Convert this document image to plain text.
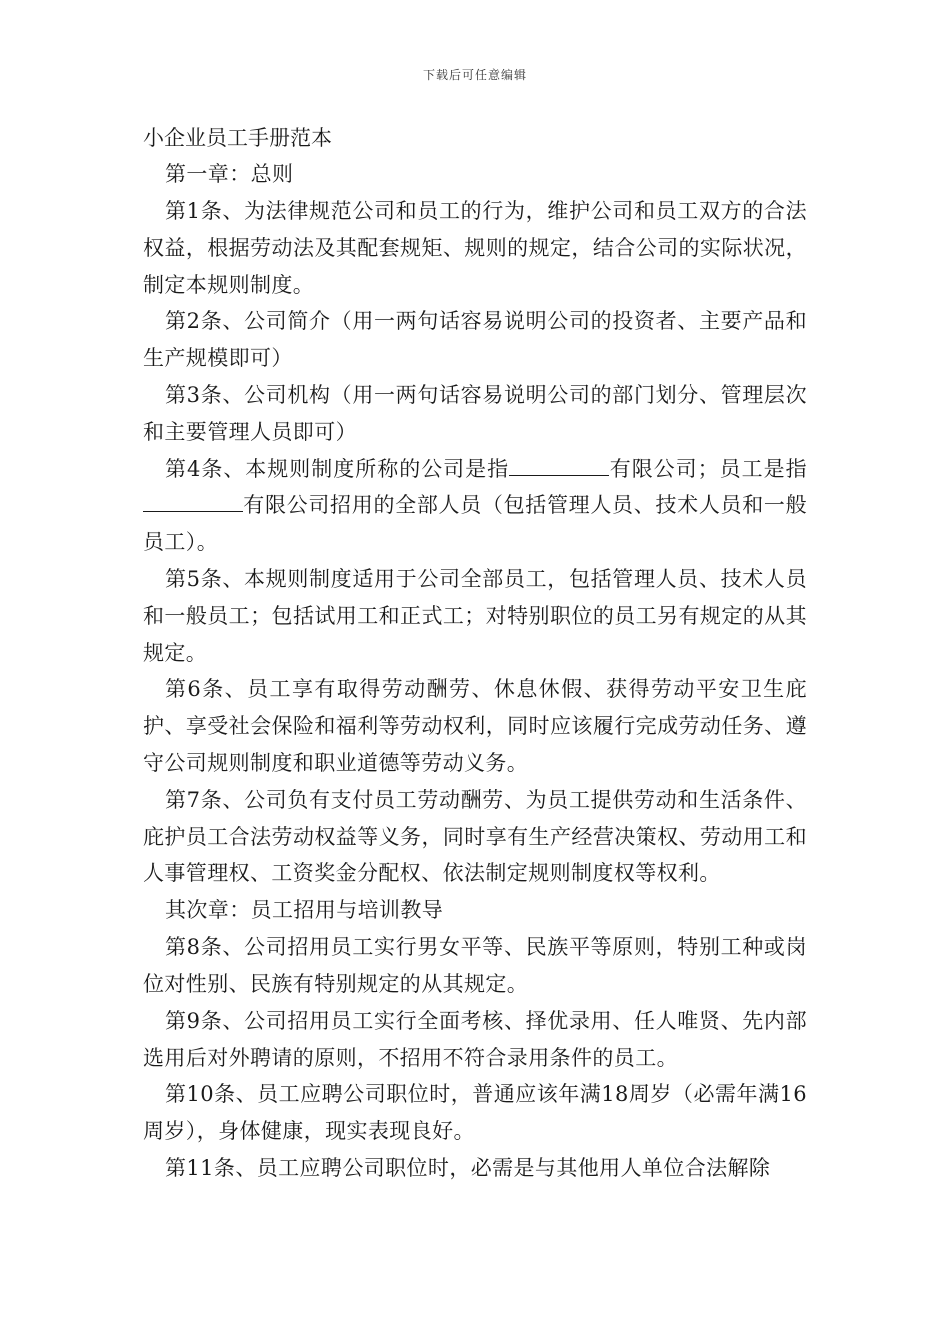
下载后可任意编辑

小企业员工手册范本

第一章：总则

第1条、为法律规范公司和员工的行为，维护公司和员工双方的合法权益，根据劳动法及其配套规矩、规则的规定，结合公司的实际状况，制定本规则制度。

第2条、公司简介（用一两句话容易说明公司的投资者、主要产品和生产规模即可）

第3条、公司机构（用一两句话容易说明公司的部门划分、管理层次和主要管理人员即可）

第4条、本规则制度所称的公司是指	有限公司；员工是指有限公司招用的全部人员（包括管理人员、技术人员和一般员工）。

第5条、本规则制度适用于公司全部员工，包括管理人员、技术人员和一般员工；包括试用工和正式工；对特别职位的员工另有规定的从其规定。

第6条、员工享有取得劳动酬劳、休息休假、获得劳动平安卫生庇护、享受社会保险和福利等劳动权利，同时应该履行完成劳动任务、遵守公司规则制度和职业道德等劳动义务。

第7条、公司负有支付员工劳动酬劳、为员工提供劳动和生活条件、庇护员工合法劳动权益等义务，同时享有生产经营决策权、劳动用工和人事管理权、工资奖金分配权、依法制定规则制度权等权利。

其次章：员工招用与培训教导

第8条、公司招用员工实行男女平等、民族平等原则，特别工种或岗位对性别、民族有特别规定的从其规定。

第9条、公司招用员工实行全面考核、择优录用、任人唯贤、先内部选用后对外聘请的原则，不招用不符合录用条件的员工。

第10条、员工应聘公司职位时，普通应该年满18周岁（必需年满16周岁），身体健康，现实表现良好。

第11条、员工应聘公司职位时，必需是与其他用人单位合法解除
